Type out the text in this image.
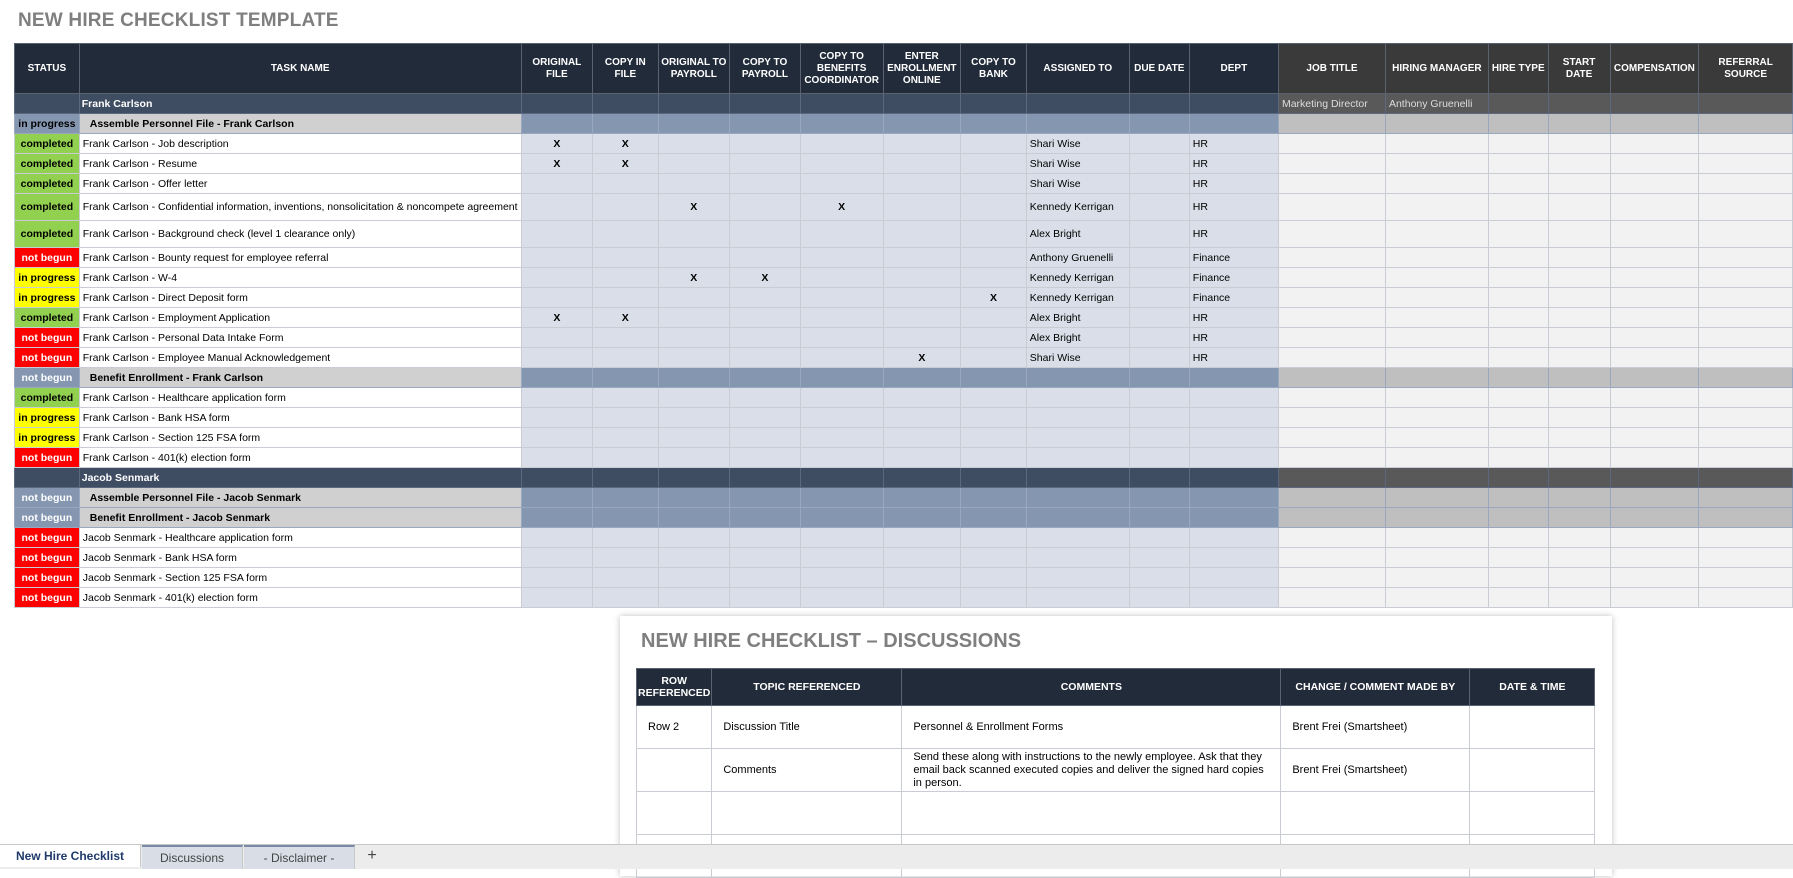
NEW HIRE CHECKLIST TEMPLATE
STATUS	TASK NAME	ORIGINAL FILE	COPY IN FILE	ORIGINAL TO PAYROLL	COPY TO PAYROLL	COPY TO BENEFITS COORDINATOR	ENTER ENROLLMENT ONLINE	COPY TO BANK	ASSIGNED TO	DUE DATE	DEPT	JOB TITLE	HIRING MANAGER	HIRE TYPE	START DATE	COMPENSATION	REFERRAL SOURCE
	Frank Carlson											Marketing Director	Anthony Gruenelli				
in progress	Assemble Personnel File - Frank Carlson																
completed	Frank Carlson - Job description	X	X						Shari Wise		HR						
completed	Frank Carlson - Resume	X	X						Shari Wise		HR						
completed	Frank Carlson - Offer letter								Shari Wise		HR						
completed	Frank Carlson - Confidential information, inventions, nonsolicitation & noncompete agreement			X		X			Kennedy Kerrigan		HR						
completed	Frank Carlson - Background check (level 1 clearance only)								Alex Bright		HR						
not begun	Frank Carlson - Bounty request for employee referral								Anthony Gruenelli		Finance						
in progress	Frank Carlson - W-4			X	X				Kennedy Kerrigan		Finance						
in progress	Frank Carlson - Direct Deposit form							X	Kennedy Kerrigan		Finance						
completed	Frank Carlson - Employment Application	X	X						Alex Bright		HR						
not begun	Frank Carlson - Personal Data Intake Form								Alex Bright		HR						
not begun	Frank Carlson - Employee Manual Acknowledgement						X		Shari Wise		HR						
not begun	Benefit Enrollment - Frank Carlson																
completed	Frank Carlson - Healthcare application form																
in progress	Frank Carlson - Bank HSA form																
in progress	Frank Carlson - Section 125 FSA form																
not begun	Frank Carlson - 401(k) election form																
	Jacob Senmark																
not begun	Assemble Personnel File - Jacob Senmark																
not begun	Benefit Enrollment - Jacob Senmark																
not begun	Jacob Senmark - Healthcare application form																
not begun	Jacob Senmark - Bank HSA form																
not begun	Jacob Senmark - Section 125 FSA form																
not begun	Jacob Senmark - 401(k) election form																
NEW HIRE CHECKLIST – DISCUSSIONS
ROW REFERENCED	TOPIC REFERENCED	COMMENTS	CHANGE / COMMENT MADE BY	DATE & TIME
Row 2	Discussion Title	Personnel & Enrollment Forms	Brent Frei (Smartsheet)	
	Comments	Send these along with instructions to the newly employee. Ask that they email back scanned executed copies and deliver the signed hard copies in person.	Brent Frei (Smartsheet)	

New Hire Checklist	Discussions	- Disclaimer -	+
